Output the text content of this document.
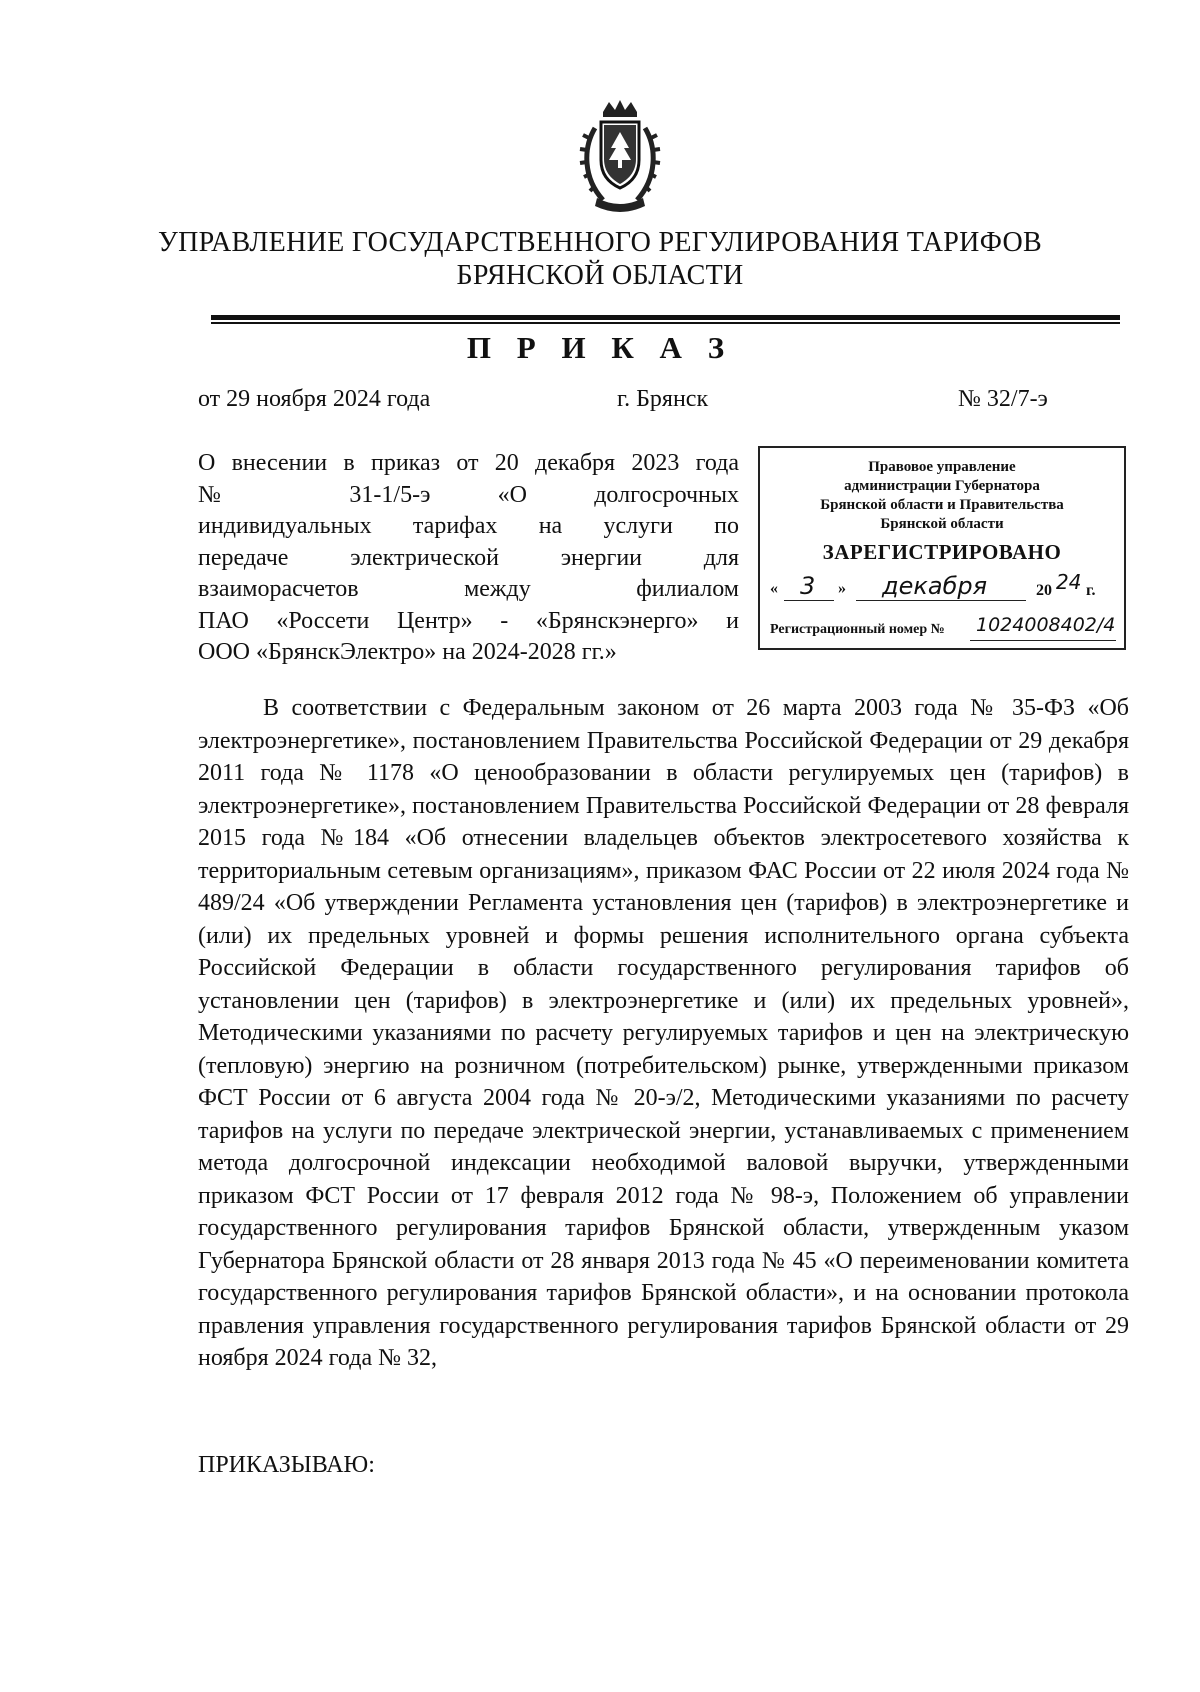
УПРАВЛЕНИЕ ГОСУДАРСТВЕННОГО РЕГУЛИРОВАНИЯ ТАРИФОВ
БРЯНСКОЙ ОБЛАСТИ
П Р И К А З
от 29 ноября 2024 года	г. Брянск	№ 32/7-э
О внесении в приказ от 20 декабря 2023 года
№ 31-1/5-э «О долгосрочных
индивидуальных тарифах на услуги по
передаче электрической энергии для
взаиморасчетов между филиалом
ПАО «Россети Центр» - «Брянскэнерго» и
ООО «БрянскЭлектро» на 2024-2028 гг.»
Правовое управление
администрации Губернатора
Брянской области и Правительства
Брянской области
ЗАРЕГИСТРИРОВАНО
« 3 » декабря	20 24 г.
Регистрационный номер № 1024008402/4

В соответствии с Федеральным законом от 26 марта 2003 года № 35-ФЗ «Об электроэнергетике», постановлением Правительства Российской Федерации от 29 декабря 2011 года № 1178 «О ценообразовании в области регулируемых цен (тарифов) в электроэнергетике», постановлением Правительства Российской Федерации от 28 февраля 2015 года №184 «Об отнесении владельцев объектов электросетевого хозяйства к территориальным сетевым организациям», приказом ФАС России от 22 июля 2024 года № 489/24 «Об утверждении Регламента установления цен (тарифов) в электроэнергетике и (или) их предельных уровней и формы решения исполнительного органа субъекта Российской Федерации в области государственного регулирования тарифов об установлении цен (тарифов) в электроэнергетике и (или) их предельных уровней», Методическими указаниями по расчету регулируемых тарифов и цен на электрическую (тепловую) энергию на розничном (потребительском) рынке, утвержденными приказом ФСТ России от 6 августа 2004 года № 20-э/2, Методическими указаниями по расчету тарифов на услуги по передаче электрической энергии, устанавливаемых с применением метода долгосрочной индексации необходимой валовой выручки, утвержденными приказом ФСТ России от 17 февраля 2012 года № 98-э, Положением об управлении государственного регулирования тарифов Брянской области, утвержденным указом Губернатора Брянской области от 28 января 2013 года № 45 «О переименовании комитета государственного регулирования тарифов Брянской области», и на основании протокола правления управления государственного регулирования тарифов Брянской области от 29 ноября 2024 года № 32,

ПРИКАЗЫВАЮ:
